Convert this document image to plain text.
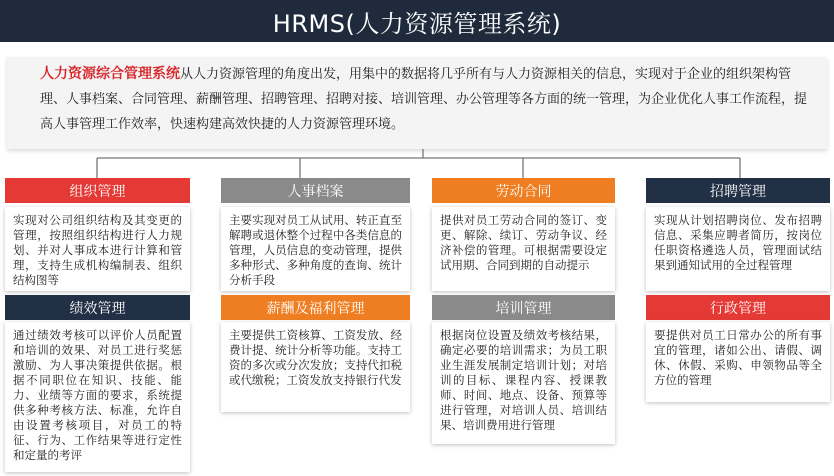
HRMS(人力资源管理系统)
人力资源综合管理系统从人力资源管理的角度出发，用集中的数据将几乎所有与人力资源相关的信息，实现对于企业的组织架构管理、人事档案、合同管理、薪酬管理、招聘管理、招聘对接、培训管理、办公管理等各方面的统一管理，为企业优化人事工作流程，提高人事管理工作效率，快速构建高效快捷的人力资源管理环境。
组织管理
实现对公司组织结构及其变更的管理，按照组织结构进行人力规划、并对人事成本进行计算和管理，支持生成机构编制表、组织结构图等
人事档案
主要实现对员工从试用、转正直至解聘或退休整个过程中各类信息的管理，人员信息的变动管理，提供多种形式、多种角度的查询、统计分析手段
劳动合同
提供对员工劳动合同的签订、变更、解除、续订、劳动争议、经济补偿的管理。可根据需要设定试用期、合同到期的自动提示
招聘管理
实现从计划招聘岗位、发布招聘信息、采集应聘者简历，按岗位任职资格遴选人员，管理面试结果到通知试用的全过程管理
绩效管理
通过绩效考核可以评价人员配置和培训的效果、对员工进行奖惩激励、为人事决策提供依据。根据不同职位在知识、技能、能力、业绩等方面的要求，系统提供多种考核方法、标准，允许自由设置考核项目，对员工的特征、行为、工作结果等进行定性和定量的考评
薪酬及福利管理
主要提供工资核算、工资发放、经费计提、统计分析等功能。支持工资的多次或分次发放；支持代扣税或代缴税；工资发放支持银行代发
培训管理
根据岗位设置及绩效考核结果，确定必要的培训需求；为员工职业生涯发展制定培训计划；对培训的目标、课程内容、授课教师、时间、地点、设备、预算等进行管理，对培训人员、培训结果、培训费用进行管理
行政管理
要提供对员工日常办公的所有事宜的管理，诸如公出、请假、调休、休假、采购、申领物品等全方位的管理
